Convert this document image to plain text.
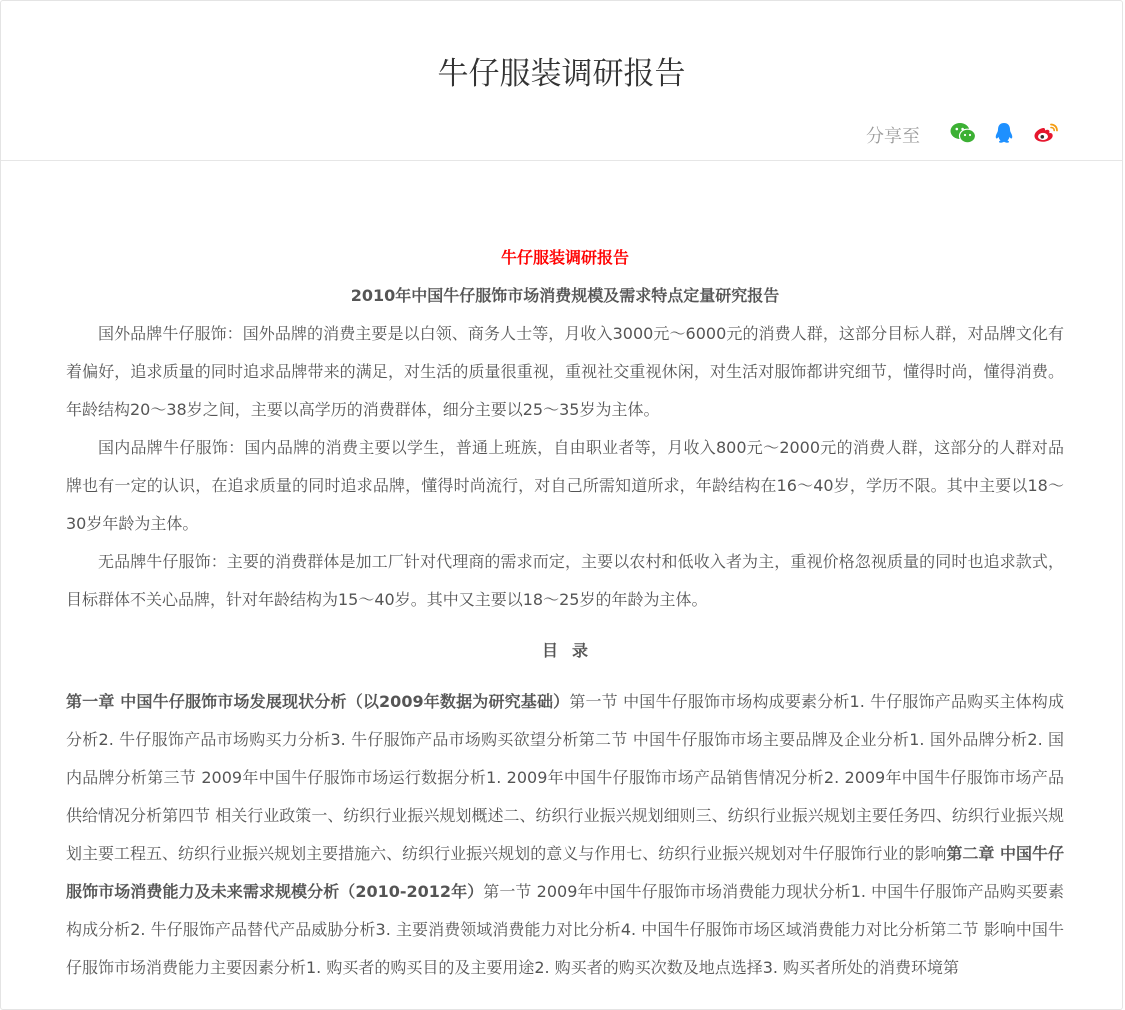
牛仔服装调研报告
分享至
牛仔服装调研报告
2010年中国牛仔服饰市场消费规模及需求特点定量研究报告

国外品牌牛仔服饰：国外品牌的消费主要是以白领、商务人士等，月收入3000元～6000元的消费人群，这部分目标人群，对品牌文化有着偏好，追求质量的同时追求品牌带来的满足，对生活的质量很重视，重视社交重视休闲，对生活对服饰都讲究细节，懂得时尚，懂得消费。年龄结构20～38岁之间，主要以高学历的消费群体，细分主要以25～35岁为主体。

国内品牌牛仔服饰：国内品牌的消费主要以学生，普通上班族，自由职业者等，月收入800元～2000元的消费人群，这部分的人群对品牌也有一定的认识，在追求质量的同时追求品牌，懂得时尚流行，对自己所需知道所求，年龄结构在16～40岁，学历不限。其中主要以18～30岁年龄为主体。

无品牌牛仔服饰：主要的消费群体是加工厂针对代理商的需求而定，主要以农村和低收入者为主，重视价格忽视质量的同时也追求款式，目标群体不关心品牌，针对年龄结构为15～40岁。其中又主要以18～25岁的年龄为主体。

目录

第一章 中国牛仔服饰市场发展现状分析（以2009年数据为研究基础）第一节 中国牛仔服饰市场构成要素分析1. 牛仔服饰产品购买主体构成分析2. 牛仔服饰产品市场购买力分析3. 牛仔服饰产品市场购买欲望分析第二节 中国牛仔服饰市场主要品牌及企业分析1. 国外品牌分析2. 国内品牌分析第三节 2009年中国牛仔服饰市场运行数据分析1. 2009年中国牛仔服饰市场产品销售情况分析2. 2009年中国牛仔服饰市场产品供给情况分析第四节 相关行业政策一、纺织行业振兴规划概述二、纺织行业振兴规划细则三、纺织行业振兴规划主要任务四、纺织行业振兴规划主要工程五、纺织行业振兴规划主要措施六、纺织行业振兴规划的意义与作用七、纺织行业振兴规划对牛仔服饰行业的影响第二章 中国牛仔服饰市场消费能力及未来需求规模分析（2010-2012年）第一节 2009年中国牛仔服饰市场消费能力现状分析1. 中国牛仔服饰产品购买要素构成分析2. 牛仔服饰产品替代产品威胁分析3. 主要消费领域消费能力对比分析4. 中国牛仔服饰市场区域消费能力对比分析第二节 影响中国牛仔服饰市场消费能力主要因素分析1. 购买者的购买目的及主要用途2. 购买者的购买次数及地点选择3. 购买者所处的消费环境第
